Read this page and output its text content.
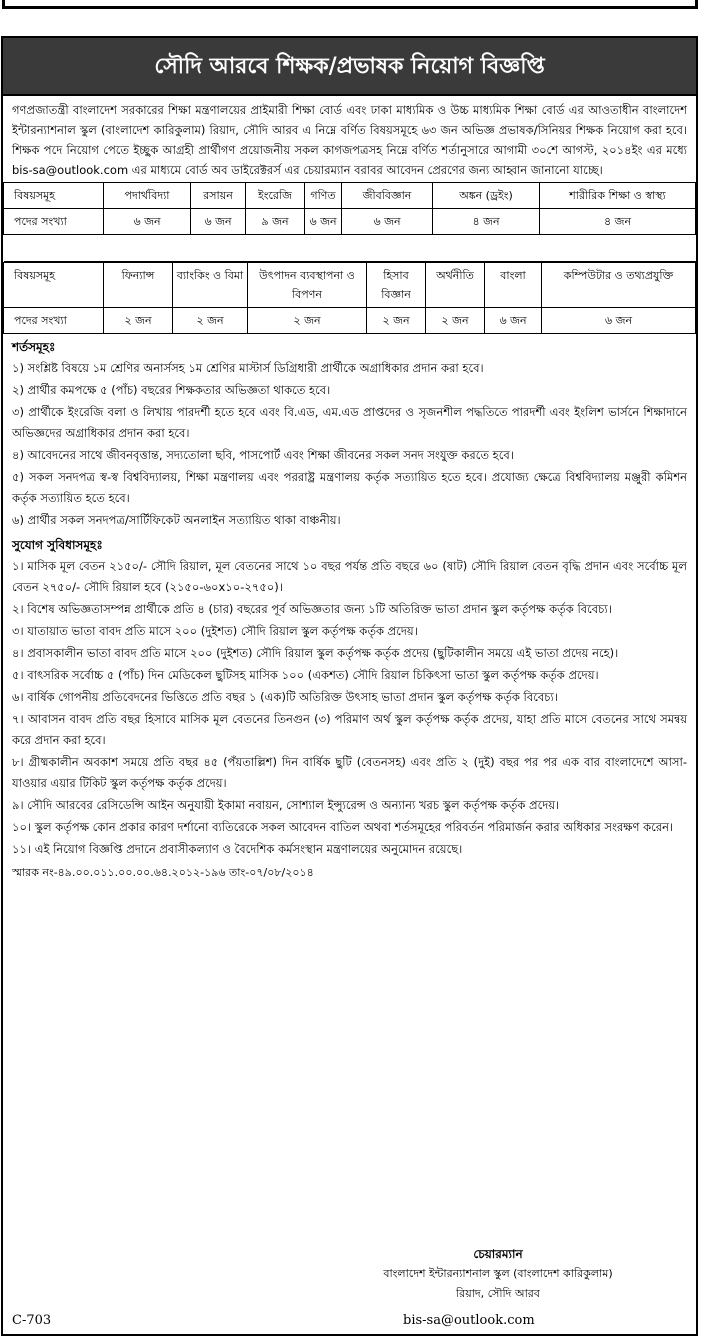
সৌদি আরবে শিক্ষক/প্রভাষক নিয়োগ বিজ্ঞপ্তি
গণপ্রজাতন্ত্রী বাংলাদেশ সরকারের শিক্ষা মন্ত্রণালয়ের প্রাইমারী শিক্ষা বোর্ড এবং ঢাকা মাধ্যমিক ও উচ্চ মাধ্যমিক শিক্ষা বোর্ড এর আওতাধীন বাংলাদেশ ইন্টারন্যাশনাল স্কুল (বাংলাদেশ কারিকুলাম) রিয়াদ, সৌদি আরব এ নিম্নে বর্ণিত বিষয়সমূহে ৬৩ জন অভিজ্ঞ প্রভাষক/সিনিয়র শিক্ষক নিয়োগ করা হবে। শিক্ষক পদে নিয়োগ পেতে ইচ্ছুক আগ্রহী প্রার্থীগণ প্রয়োজনীয় সকল কাগজপত্রসহ নিম্নে বর্ণিত শর্তানুসারে আগামী ৩০শে আগস্ট, ২০১৪ইং এর মধ্যে bis-sa@outlook.com এর মাধ্যমে বোর্ড অব ডাইরেক্টরর্স এর চেয়ারম্যান বরাবর আবেদন প্রেরণের জন্য আহ্বান জানানো যাচ্ছে।
বিষয়সমূহ	পদার্থবিদ্যা	রসায়ন	ইংরেজি	গণিত	জীববিজ্ঞান	অঙ্কন (ড্রইং)	শারীরিক শিক্ষা ও স্বাস্থ্য
পদের সংখ্যা	৬ জন	৬ জন	৯ জন	৬ জন	৬ জন	৪ জন	৪ জন

বিষয়সমূহ	ফিন্যান্স	ব্যাংকিং ও বিমা	উৎপাদন ব্যবস্থাপনা ও বিপণন	হিসাব বিজ্ঞান	অর্থনীতি	বাংলা	কম্পিউটার ও তথ্যপ্রযুক্তি
পদের সংখ্যা	২ জন	২ জন	২ জন	২ জন	২ জন	৬ জন	৬ জন
শর্তসমূহঃ
১) সংশ্লিষ্ট বিষয়ে ১ম শ্রেণির অনার্সসহ ১ম শ্রেণির মাস্টার্স ডিগ্রিধারী প্রার্থীকে অগ্রাধিকার প্রদান করা হবে।
২) প্রার্থীর কমপক্ষে ৫ (পাঁচ) বছরের শিক্ষকতার অভিজ্ঞতা থাকতে হবে।
৩) প্রার্থীকে ইংরেজি বলা ও লিখায় পারদর্শী হতে হবে এবং বি.এড, এম.এড প্রাপ্তদের ও সৃজনশীল পদ্ধতিতে পারদর্শী এবং ইংলিশ ভার্সনে শিক্ষাদানে অভিজ্ঞদের অগ্রাধিকার প্রদান করা হবে।
৪) আবেদনের সাথে জীবনবৃত্তান্ত, সদ্যতোলা ছবি, পাসপোর্ট এবং শিক্ষা জীবনের সকল সনদ সংযুক্ত করতে হবে।
৫) সকল সনদপত্র স্ব-স্ব বিশ্ববিদ্যালয়, শিক্ষা মন্ত্রণালয় এবং পররাষ্ট্র মন্ত্রণালয় কর্তৃক সত্যায়িত হতে হবে। প্রযোজ্য ক্ষেত্রে বিশ্ববিদ্যালয় মঞ্জুরী কমিশন কর্তৃক সত্যায়িত হতে হবে।
৬) প্রার্থীর সকল সনদপত্র/সার্টিফিকেট অনলাইন সত্যায়িত থাকা বাঞ্চনীয়।
সুযোগ সুবিধাসমূহঃ
১। মাসিক মূল বেতন ২১৫০/- সৌদি রিয়াল, মূল বেতনের সাথে ১০ বছর পর্যন্ত প্রতি বছরে ৬০ (ষাট) সৌদি রিয়াল বেতন বৃদ্ধি প্রদান এবং সর্বোচ্চ মূল বেতন ২৭৫০/- সৌদি রিয়াল হবে (২১৫০-৬০x১০-২৭৫০)।
২। বিশেষ অভিজ্ঞতাসম্পন্ন প্রার্থীকে প্রতি ৪ (চার) বছরের পূর্ব অভিজ্ঞতার জন্য ১টি অতিরিক্ত ভাতা প্রদান স্কুল কর্তৃপক্ষ কর্তৃক বিবেচ্য।
৩। যাতায়াত ভাতা বাবদ প্রতি মাসে ২০০ (দুইশত) সৌদি রিয়াল স্কুল কর্তৃপক্ষ কর্তৃক প্রদেয়।
৪। প্রবাসকালীন ভাতা বাবদ প্রতি মাসে ২০০ (দুইশত) সৌদি রিয়াল স্কুল কর্তৃপক্ষ কর্তৃক প্রদেয় (ছুটিকালীন সময়ে এই ভাতা প্রদেয় নহে)।
৫। বাৎসরিক সর্বোচ্চ ৫ (পাঁচ) দিন মেডিকেল ছুটিসহ মাসিক ১০০ (একশত) সৌদি রিয়াল চিকিৎসা ভাতা স্কুল কর্তৃপক্ষ কর্তৃক প্রদেয়।
৬। বার্ষিক গোপনীয় প্রতিবেদনের ভিত্তিতে প্রতি বছর ১ (এক)টি অতিরিক্ত উৎসাহ ভাতা প্রদান স্কুল কর্তৃপক্ষ কর্তৃক বিবেচ্য।
৭। আবাসন বাবদ প্রতি বছর হিসাবে মাসিক মূল বেতনের তিনগুন (৩) পরিমাণ অর্থ স্কুল কর্তৃপক্ষ কর্তৃক প্রদেয়, যাহা প্রতি মাসে বেতনের সাথে সমন্বয় করে প্রদান করা হবে।
৮। গ্রীষ্মকালীন অবকাশ সময়ে প্রতি বছর ৪৫ (পঁয়তাল্লিশ) দিন বার্ষিক ছুটি (বেতনসহ) এবং প্রতি ২ (দুই) বছর পর পর এক বার বাংলাদেশে আসা-যাওয়ার এয়ার টিকিট স্কুল কর্তৃপক্ষ কর্তৃক প্রদেয়।
৯। সৌদি আরবের রেসিডেন্সি আইন অনুযায়ী ইকামা নবায়ন, সোশ্যাল ইন্স্যুরেন্স ও অন্যান্য খরচ স্কুল কর্তৃপক্ষ কর্তৃক প্রদেয়।
১০। স্কুল কর্তৃপক্ষ কোন প্রকার কারণ দর্শানো ব্যতিরেকে সকল আবেদন বাতিল অথবা শর্তসমূহের পরিবর্তন পরিমার্জন করার অধিকার সংরক্ষণ করেন।
১১। এই নিয়োগ বিজ্ঞপ্তি প্রদানে প্রবাসীকল্যাণ ও বৈদেশিক কর্মসংস্থান মন্ত্রণালয়ের অনুমোদন রয়েছে।
স্মারক নং-৪৯.০০.০১১.০০.০০.৬৪.২০১২-১৯৬ তাং-০৭/০৮/২০১৪
চেয়ারম্যান
বাংলাদেশ ইন্টারন্যাশনাল স্কুল (বাংলাদেশ কারিকুলাম)
রিয়াদ, সৌদি আরব
C-703	bis-sa@outlook.com
